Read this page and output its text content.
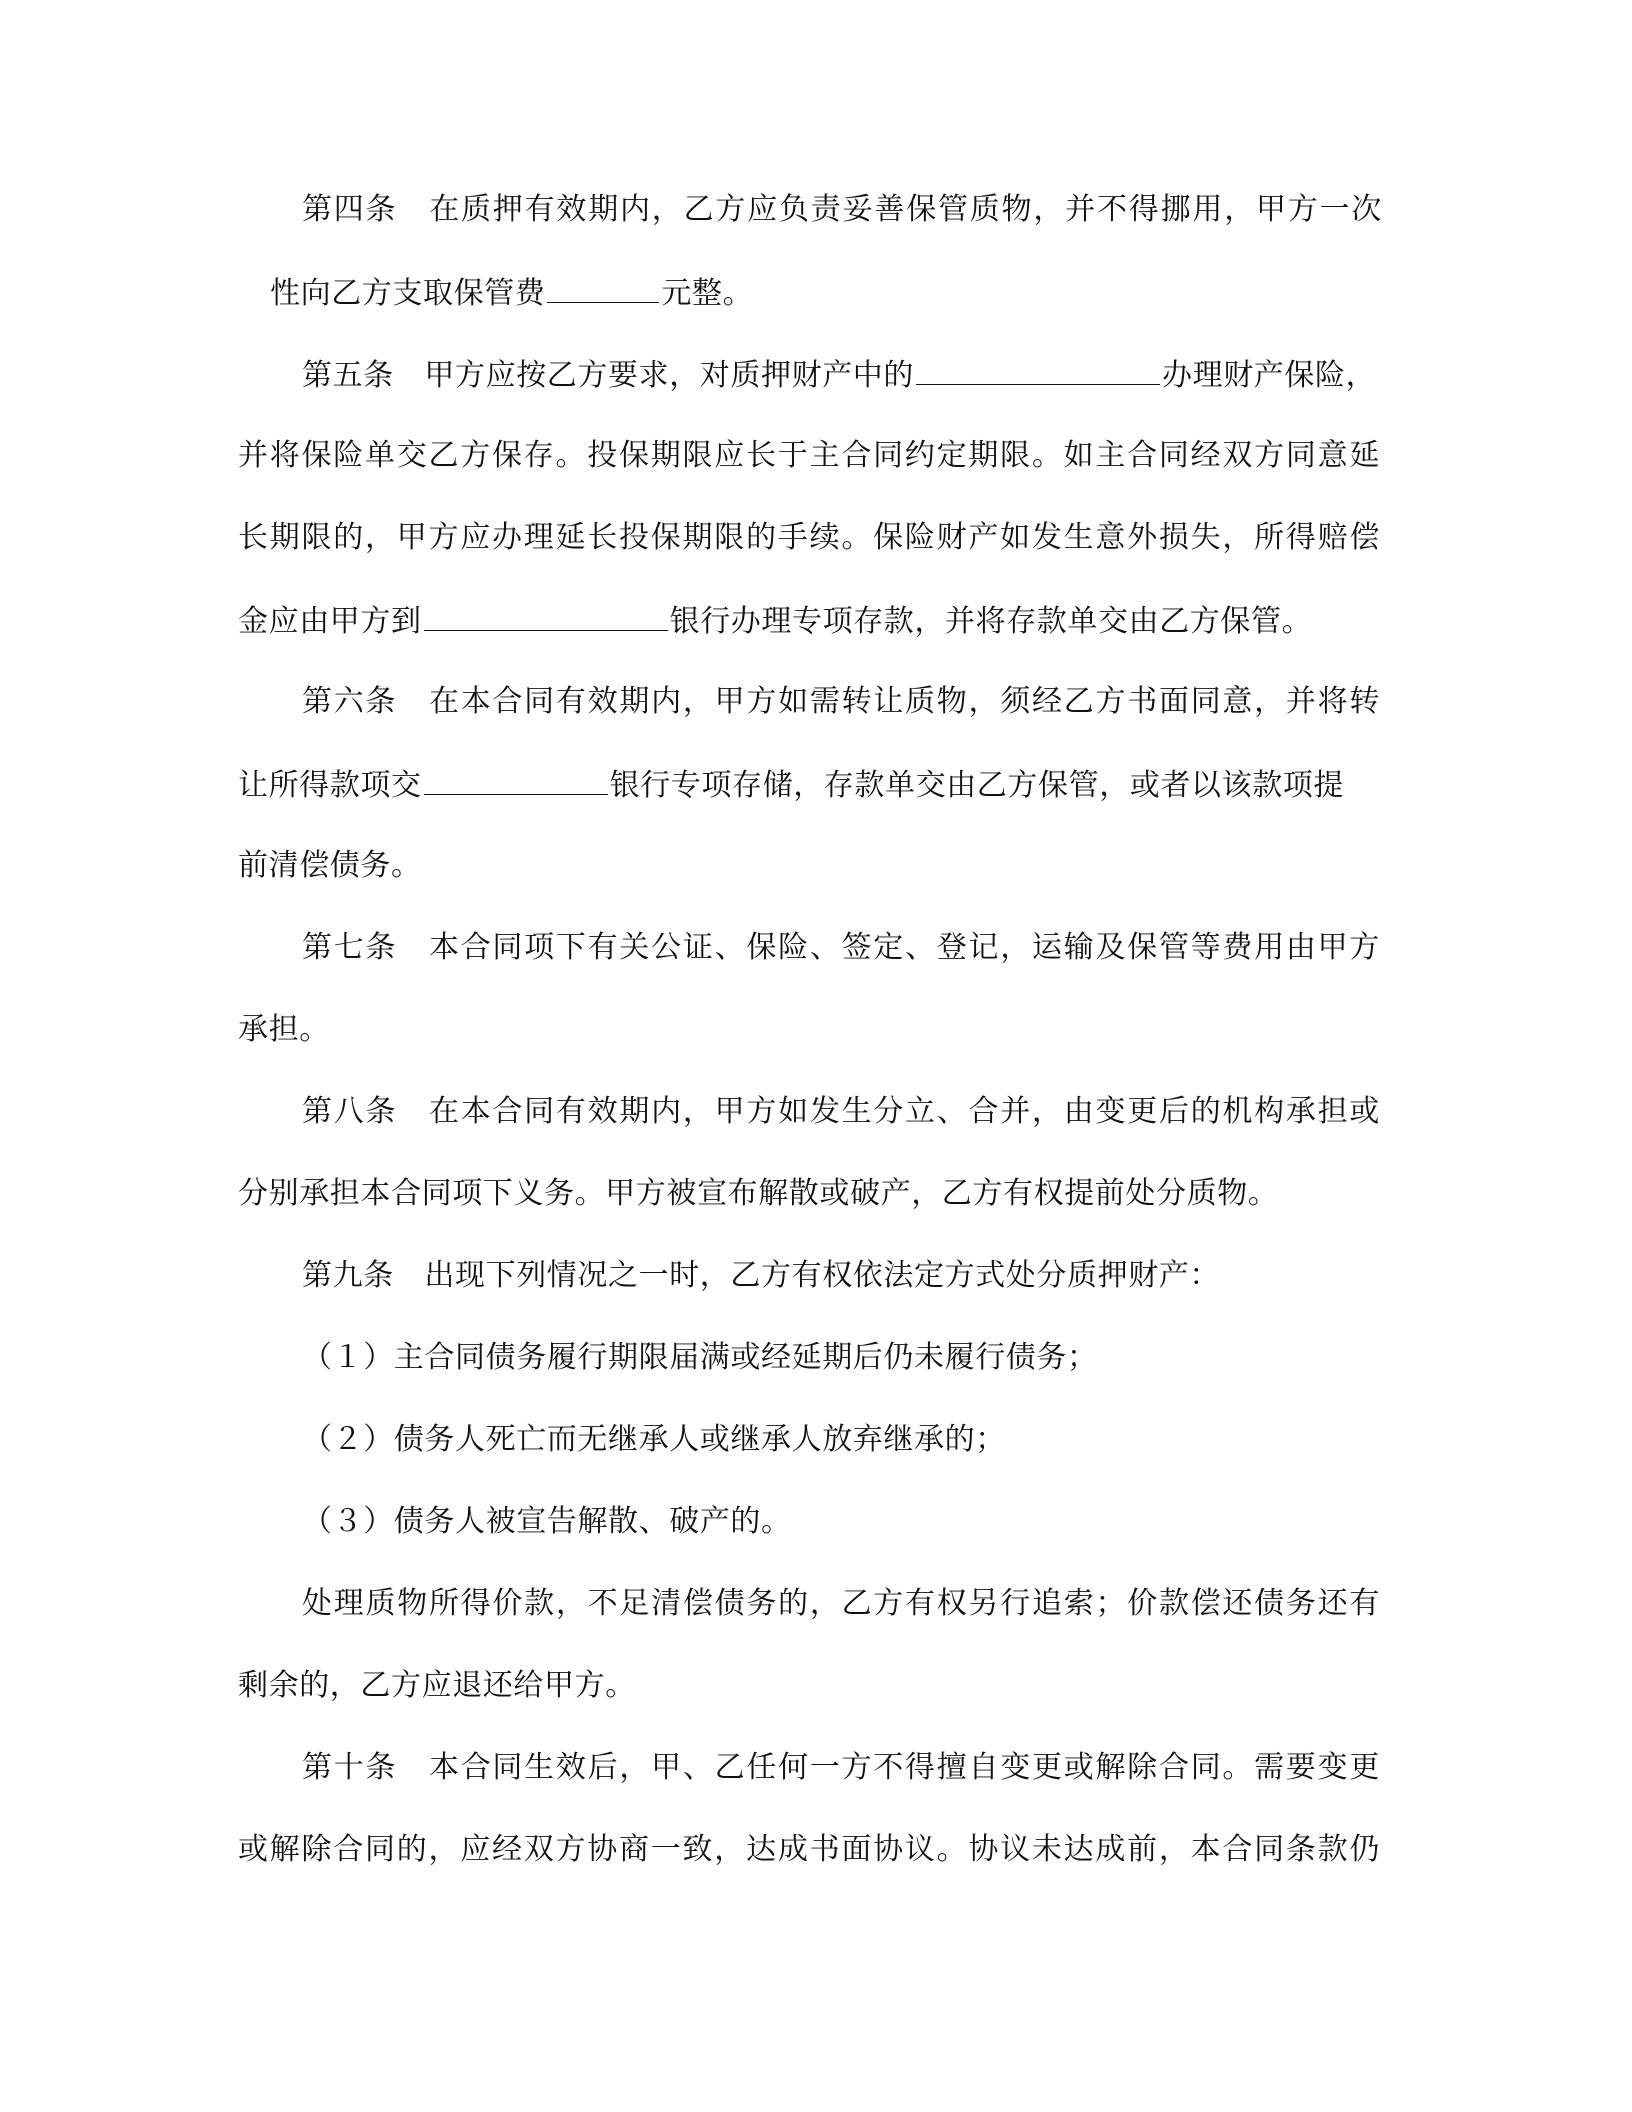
第四条　在质押有效期内，乙方应负责妥善保管质物，并不得挪用，甲方一次
性向乙方支取保管费	元整。
第五条　甲方应按乙方要求，对质押财产中的	办理财产保险，
并将保险单交乙方保存。投保期限应长于主合同约定期限。如主合同经双方同意延
长期限的，甲方应办理延长投保期限的手续。保险财产如发生意外损失，所得赔偿
金应由甲方到	银行办理专项存款，并将存款单交由乙方保管。
第六条　在本合同有效期内，甲方如需转让质物，须经乙方书面同意，并将转
让所得款项交	银行专项存储，存款单交由乙方保管，或者以该款项提
前清偿债务。
第七条　本合同项下有关公证、保险、签定、登记，运输及保管等费用由甲方
承担。
第八条　在本合同有效期内，甲方如发生分立、合并，由变更后的机构承担或
分别承担本合同项下义务。甲方被宣布解散或破产，乙方有权提前处分质物。
第九条　出现下列情况之一时，乙方有权依法定方式处分质押财产：
（１）主合同债务履行期限届满或经延期后仍未履行债务；
（２）债务人死亡而无继承人或继承人放弃继承的；
（３）债务人被宣告解散、破产的。
处理质物所得价款，不足清偿债务的，乙方有权另行追索；价款偿还债务还有
剩余的，乙方应退还给甲方。
第十条　本合同生效后，甲、乙任何一方不得擅自变更或解除合同。需要变更
或解除合同的，应经双方协商一致，达成书面协议。协议未达成前，本合同条款仍
